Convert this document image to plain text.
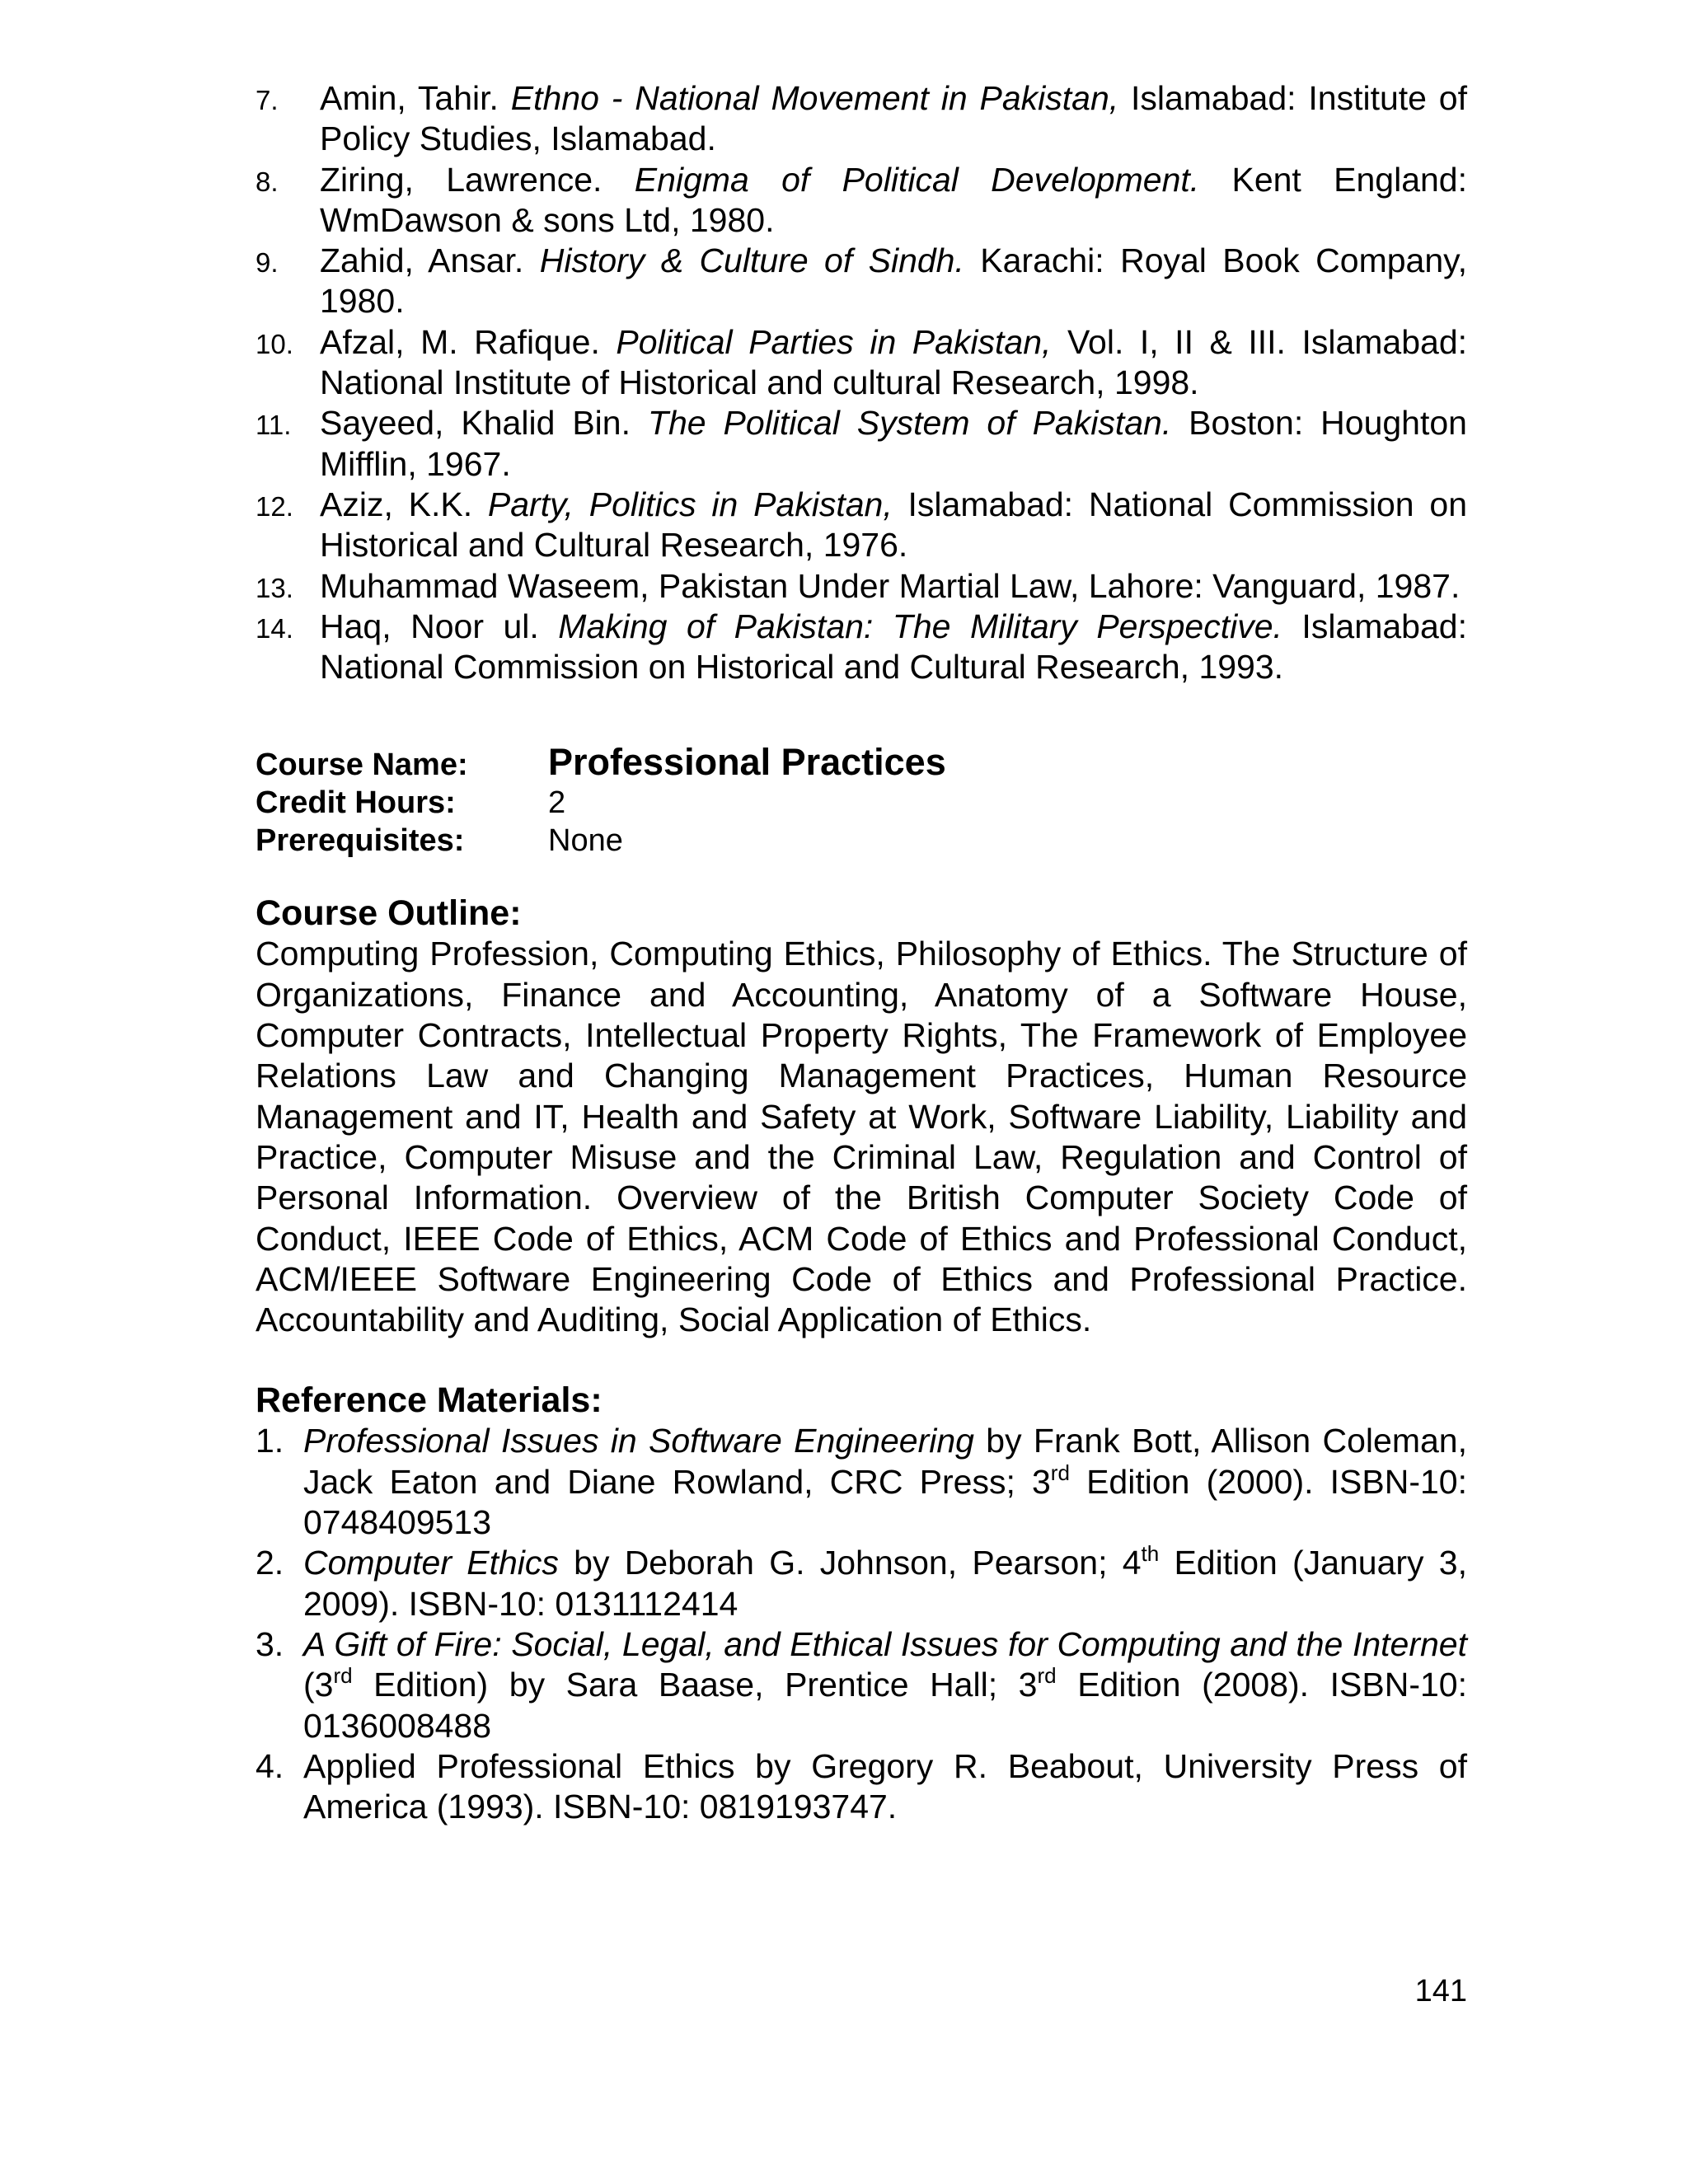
7. Amin, Tahir. Ethno - National Movement in Pakistan, Islamabad: Institute of Policy Studies, Islamabad.
8. Ziring, Lawrence. Enigma of Political Development. Kent England: WmDawson & sons Ltd, 1980.
9. Zahid, Ansar. History & Culture of Sindh. Karachi: Royal Book Company, 1980.
10. Afzal, M. Rafique. Political Parties in Pakistan, Vol. I, II & III. Islamabad: National Institute of Historical and cultural Research, 1998.
11. Sayeed, Khalid Bin. The Political System of Pakistan. Boston: Houghton Mifflin, 1967.
12. Aziz, K.K. Party, Politics in Pakistan, Islamabad: National Commission on Historical and Cultural Research, 1976.
13. Muhammad Waseem, Pakistan Under Martial Law, Lahore: Vanguard, 1987.
14. Haq, Noor ul. Making of Pakistan: The Military Perspective. Islamabad: National Commission on Historical and Cultural Research, 1993.
Course Name:	Professional Practices
Credit Hours:	2
Prerequisites:	None
Course Outline:
Computing Profession, Computing Ethics, Philosophy of Ethics. The Structure of Organizations, Finance and Accounting, Anatomy of a Software House, Computer Contracts, Intellectual Property Rights, The Framework of Employee Relations Law and Changing Management Practices, Human Resource Management and IT, Health and Safety at Work, Software Liability, Liability and Practice, Computer Misuse and the Criminal Law, Regulation and Control of Personal Information. Overview of the British Computer Society Code of Conduct, IEEE Code of Ethics, ACM Code of Ethics and Professional Conduct, ACM/IEEE Software Engineering Code of Ethics and Professional Practice. Accountability and Auditing, Social Application of Ethics.
Reference Materials:
1. Professional Issues in Software Engineering by Frank Bott, Allison Coleman, Jack Eaton and Diane Rowland, CRC Press; 3rd Edition (2000). ISBN-10: 0748409513
2. Computer Ethics by Deborah G. Johnson, Pearson; 4th Edition (January 3, 2009). ISBN-10: 0131112414
3. A Gift of Fire: Social, Legal, and Ethical Issues for Computing and the Internet (3rd Edition) by Sara Baase, Prentice Hall; 3rd Edition (2008). ISBN-10: 0136008488
4. Applied Professional Ethics by Gregory R. Beabout, University Press of America (1993). ISBN-10: 0819193747.
141
